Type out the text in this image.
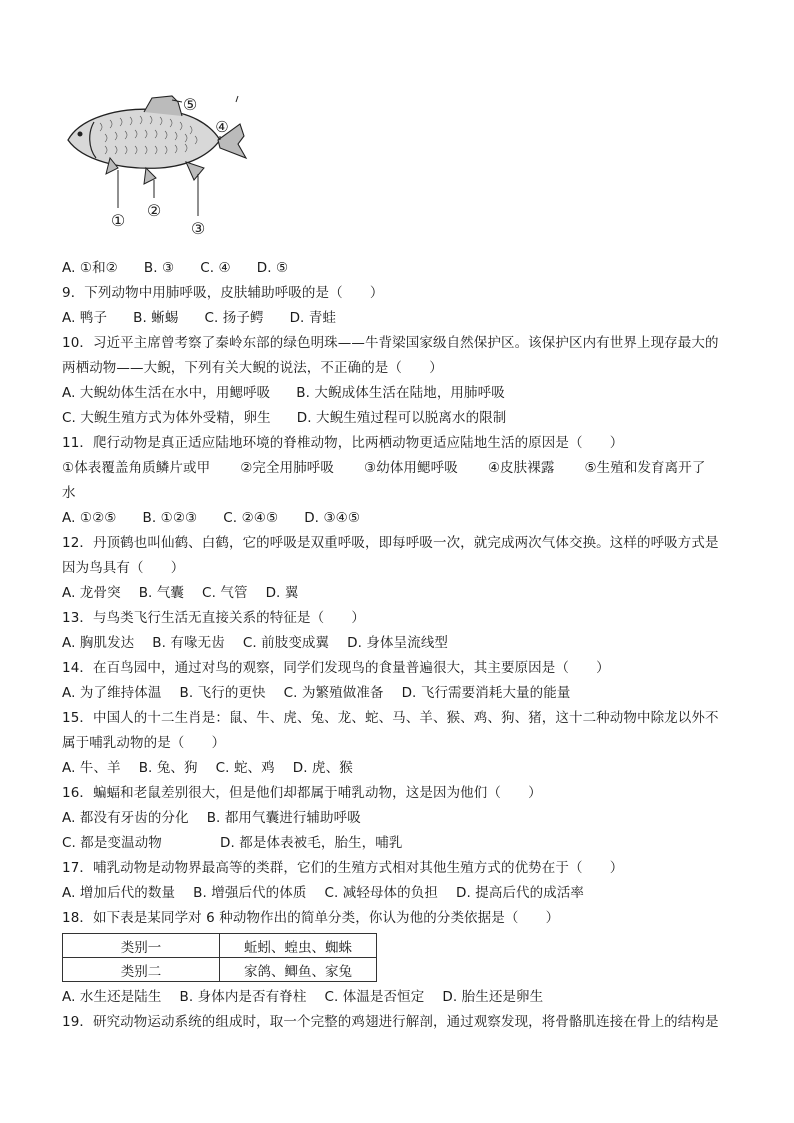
①
②
③
④
⑤
A. ①和② B. ③ C. ④ D. ⑤
9．下列动物中用肺呼吸，皮肤辅助呼吸的是（　　）
A. 鸭子 B. 蜥蜴 C. 扬子鳄 D. 青蛙
10．习近平主席曾考察了秦岭东部的绿色明珠——牛背梁国家级自然保护区。该保护区内有世界上现存最大的
两栖动物——大鲵，下列有关大鲵的说法，不正确的是（　　）
A. 大鲵幼体生活在水中，用鳃呼吸 B. 大鲵成体生活在陆地，用肺呼吸
C. 大鲵生殖方式为体外受精，卵生 D. 大鲵生殖过程可以脱离水的限制
11．爬行动物是真正适应陆地环境的脊椎动物，比两栖动物更适应陆地生活的原因是（　　）
①体表覆盖角质鳞片或甲 ②完全用肺呼吸 ③幼体用鳃呼吸 ④皮肤裸露 ⑤生殖和发育离开了
水
A. ①②⑤ B. ①②③ C. ②④⑤ D. ③④⑤
12．丹顶鹤也叫仙鹤、白鹤，它的呼吸是双重呼吸，即每呼吸一次，就完成两次气体交换。这样的呼吸方式是
因为鸟具有（　　）
A. 龙骨突 B. 气囊 C. 气管 D. 翼
13．与鸟类飞行生活无直接关系的特征是（　　）
A. 胸肌发达 B. 有喙无齿 C. 前肢变成翼 D. 身体呈流线型
14．在百鸟园中，通过对鸟的观察，同学们发现鸟的食量普遍很大，其主要原因是（　　）
A. 为了维持体温 B. 飞行的更快 C. 为繁殖做准备 D. 飞行需要消耗大量的能量
15．中国人的十二生肖是：鼠、牛、虎、兔、龙、蛇、马、羊、猴、鸡、狗、猪，这十二种动物中除龙以外不
属于哺乳动物的是（　　）
A. 牛、羊 B. 兔、狗 C. 蛇、鸡 D. 虎、猴
16．蝙蝠和老鼠差别很大，但是他们却都属于哺乳动物，这是因为他们（　　）
A. 都没有牙齿的分化 B. 都用气囊进行辅助呼吸
C. 都是变温动物	D. 都是体表被毛，胎生，哺乳
17．哺乳动物是动物界最高等的类群，它们的生殖方式相对其他生殖方式的优势在于（　　）
A. 增加后代的数量 B. 增强后代的体质 C. 减轻母体的负担 D. 提高后代的成活率
18．如下表是某同学对 6 种动物作出的简单分类，你认为他的分类依据是（　　）
类别一	蚯蚓、蝗虫、蜘蛛
类别二	家鸽、鲫鱼、家兔
A. 水生还是陆生 B. 身体内是否有脊柱 C. 体温是否恒定 D. 胎生还是卵生
19．研究动物运动系统的组成时，取一个完整的鸡翅进行解剖，通过观察发现，将骨骼肌连接在骨上的结构是
